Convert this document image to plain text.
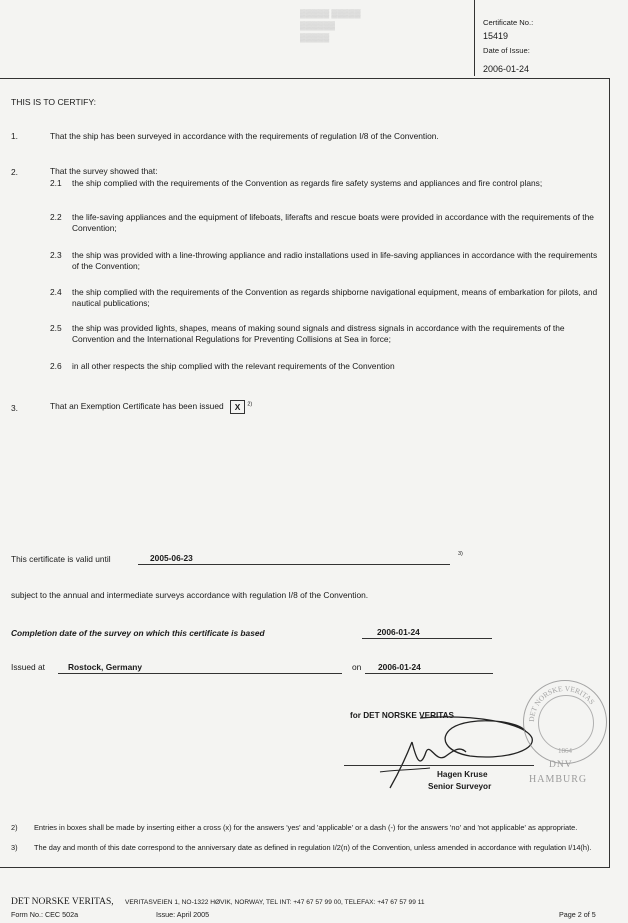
▓▓▓▓▓ ▓▓▓▓▓
▓▓▓▓▓▓
▓▓▓▓▓
Certificate No.:
15419
Date of Issue:
2006-01-24
THIS IS TO CERTIFY:
1.	That the ship has been surveyed in accordance with the requirements of regulation I/8 of the Convention.
2.	That the survey showed that:
2.1 the ship complied with the requirements of the Convention as regards fire safety systems and appliances and fire control plans;
2.2 the life-saving appliances and the equipment of lifeboats, liferafts and rescue boats were provided in accordance with the requirements of the Convention;
2.3 the ship was provided with a line-throwing appliance and radio installations used in life-saving appliances in accordance with the requirements of the Convention;
2.4 the ship complied with the requirements of the Convention as regards shipborne navigational equipment, means of embarkation for pilots, and nautical publications;
2.5 the ship was provided lights, shapes, means of making sound signals and distress signals in accordance with the requirements of the Convention and the International Regulations for Preventing Collisions at Sea in force;
2.6 in all other respects the ship complied with the relevant requirements of the Convention
3.	That an Exemption Certificate has been issued X $^{2)}$
This certificate is valid until	2005-06-23	3)
subject to the annual and intermediate surveys accordance with regulation I/8 of the Convention.
Completion date of the survey on which this certificate is based	2006-01-24
Issued at	Rostock, Germany	on 2006-01-24
for DET NORSKE VERITAS
Hagen Kruse
Senior Surveyor
DET NORSKE VERITAS
1864
DNV
HAMBURG
2) Entries in boxes shall be made by inserting either a cross (x) for the answers 'yes' and 'applicable' or a dash (-) for the answers 'no' and 'not applicable' as appropriate.
3) The day and month of this date correspond to the anniversary date as defined in regulation I/2(n) of the Convention, unless amended in accordance with regulation I/14(h).
DET NORSKE VERITAS, VERITASVEIEN 1, NO-1322 HØVIK, NORWAY, TEL INT: +47 67 57 99 00, TELEFAX: +47 67 57 99 11
Form No.: CEC 502a	Issue: April 2005	Page 2 of 5
